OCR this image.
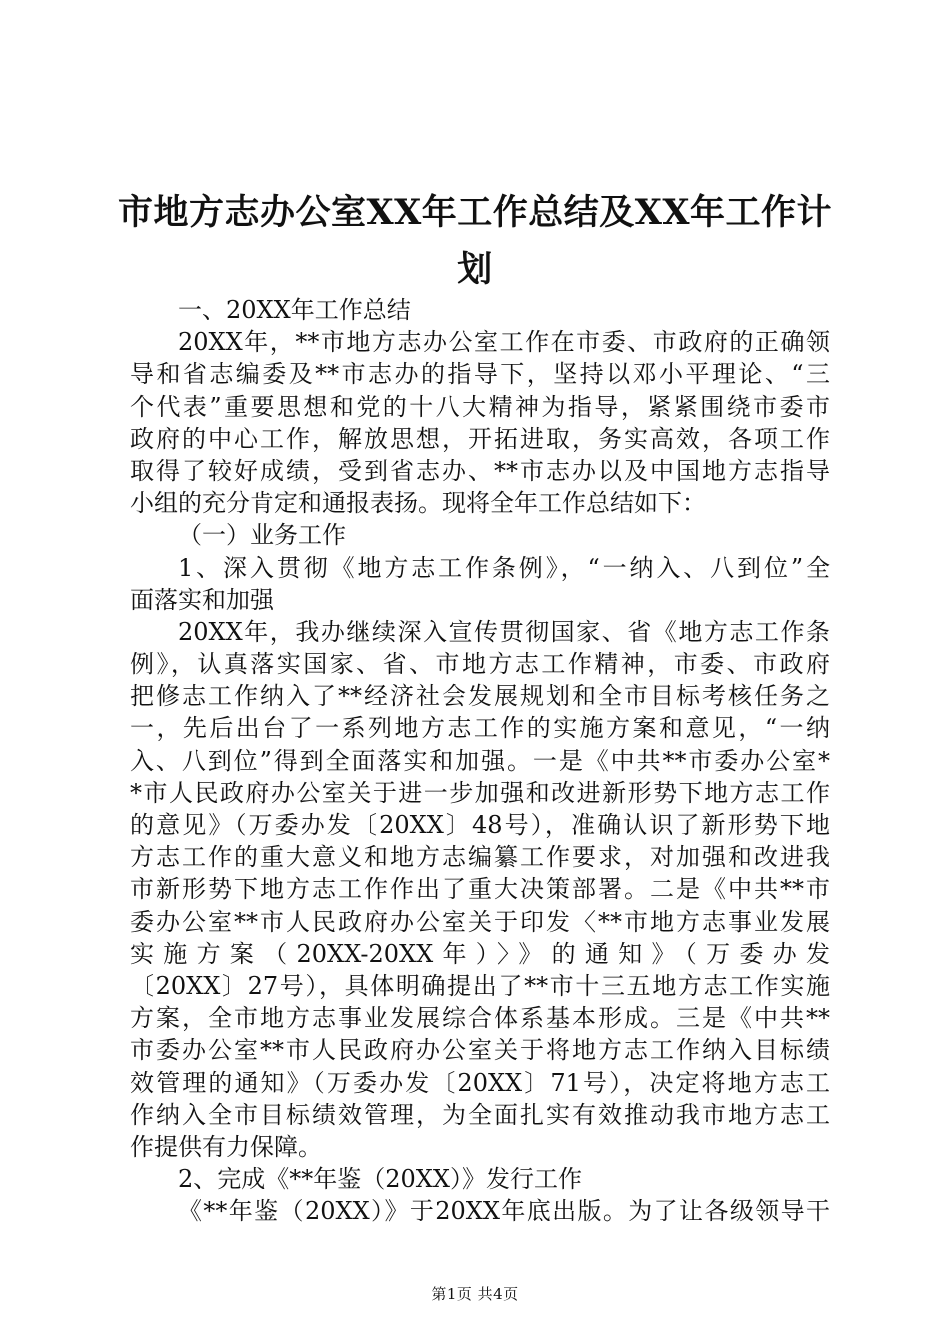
市地方志办公室XX年工作总结及XX年工作计
划
一、20XX年工作总结
20XX年，**市地方志办公室工作在市委、市政府的正确领
导和省志编委及**市志办的指导下，坚持以邓小平理论、“三
个代表”重要思想和党的十八大精神为指导，紧紧围绕市委市
政府的中心工作，解放思想，开拓进取，务实高效，各项工作
取得了较好成绩，受到省志办、**市志办以及中国地方志指导
小组的充分肯定和通报表扬。现将全年工作总结如下：
（一）业务工作
1、深入贯彻《地方志工作条例》，“一纳入、八到位”全
面落实和加强
20XX年，我办继续深入宣传贯彻国家、省《地方志工作条
例》，认真落实国家、省、市地方志工作精神，市委、市政府
把修志工作纳入了**经济社会发展规划和全市目标考核任务之
一，先后出台了一系列地方志工作的实施方案和意见，“一纳
入、八到位”得到全面落实和加强。一是《中共**市委办公室*
*市人民政府办公室关于进一步加强和改进新形势下地方志工作
的意见》（万委办发〔20XX〕48号），准确认识了新形势下地
方志工作的重大意义和地方志编纂工作要求，对加强和改进我
市新形势下地方志工作作出了重大决策部署。二是《中共**市
委办公室**市人民政府办公室关于印发〈**市地方志事业发展
实施方案（20XX-20XX年）〉》的通知》（万委办发
〔20XX〕27号），具体明确提出了**市十三五地方志工作实施
方案，全市地方志事业发展综合体系基本形成。三是《中共**
市委办公室**市人民政府办公室关于将地方志工作纳入目标绩
效管理的通知》（万委办发〔20XX〕71号），决定将地方志工
作纳入全市目标绩效管理，为全面扎实有效推动我市地方志工
作提供有力保障。
2、完成《**年鉴（20XX）》发行工作
《**年鉴（20XX）》于20XX年底出版。为了让各级领导干
第1页 共4页
